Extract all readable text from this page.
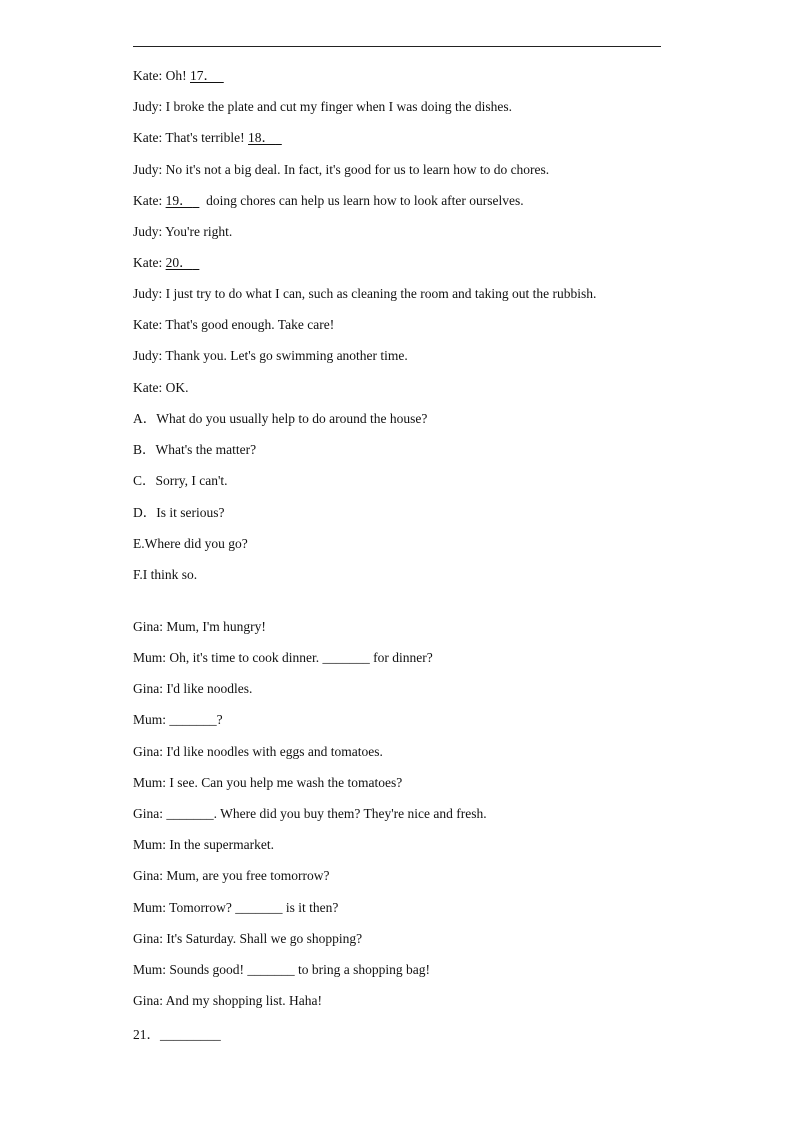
Kate: Oh! 17．
Judy: I broke the plate and cut my finger when I was doing the dishes.
Kate: That's terrible! 18．
Judy: No it's not a big deal. In fact, it's good for us to learn how to do chores.
Kate: 19．    doing chores can help us learn how to look after ourselves.
Judy: You're right.
Kate: 20．
Judy: I just try to do what I can, such as cleaning the room and taking out the rubbish.
Kate: That's good enough. Take care!
Judy: Thank you. Let's go swimming another time.
Kate: OK.
A．What do you usually help to do around the house?
B．What's the matter?
C．Sorry, I can't.
D．Is it serious?
E.Where did you go?
F.I think so.
Gina: Mum, I'm hungry!
Mum: Oh, it's time to cook dinner. _______ for dinner?
Gina: I'd like noodles.
Mum: _______?
Gina: I'd like noodles with eggs and tomatoes.
Mum: I see. Can you help me wash the tomatoes?
Gina: _______. Where did you buy them? They're nice and fresh.
Mum: In the supermarket.
Gina: Mum, are you free tomorrow?
Mum: Tomorrow? _______ is it then?
Gina: It's Saturday. Shall we go shopping?
Mum: Sounds good! _______ to bring a shopping bag!
Gina: And my shopping list. Haha!
21．_________
